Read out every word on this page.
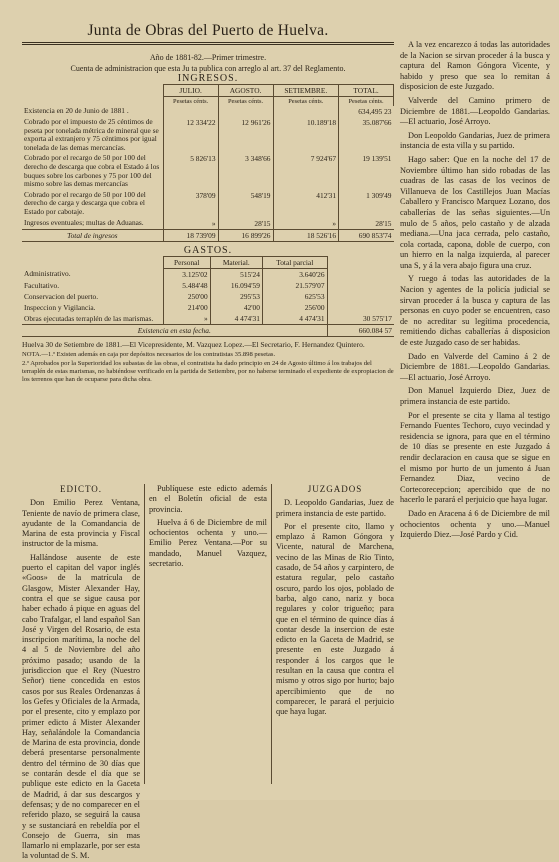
Junta de Obras del Puerto de Huelva.
Año de 1881-82.—Primer trimestre.
Cuenta de administracion que esta Ju ta publica con arreglo al art. 37 del Reglamento.
INGRESOS.
	JULIO.	AGOSTO.	SETIEMBRE.	TOTAL.
	Pesetas cénts.	Pesetas cénts.	Pesetas cénts.	Pesetas cénts.
Existencia en 20 de Junio de 1881 .				634,495 23
Cobrado por el impuesto de 25 céntimos de peseta por tonelada métrica de mineral que se exporta al extranjero y 75 céntimos por igual tonelada de las demas mercancías.	12 334'22	12 961'26	10.189'18	35.087'66
Cobrado por el recargo de 50 por 100 del derecho de descarga que cobra el Estado á los buques sobre los carbones y 75 por 100 del mismo sobre las demas mercancías	5 826'13	3 348'66	7 924'67	19 139'51
Cobrado por el recargo de 50 por 100 del derecho de carga y descarga que cobra el Estado por cabotaje.	378'09	548'19	412'31	1 309'49
Ingresos eventuales; multas de Aduanas.	»	28'15	»	28'15
Total de ingresos	18 739'09	16 899'26	18 526'16	690 853'74
GASTOS.
	Personal	Material.	Total parcial	
Administrativo.	3.125'02	515'24	3.640'26	
Facultativo.	5.484'48	16.094'59	21.579'07	
Conservacion del puerto.	250'00	295'53	625'53	
Inspeccion y Vigilancia.	214'00	42'00	256'00	
Obras ejecutadas terraplén de las marismas.	»	4 474'31	4 474'31	30 575'17
Existencia en esta fecha.				660.084 57
Huelva 30 de Setiembre de 1881.—El Vicepresidente, M. Vazquez Lopez.—El Secretario, F. Hernandez Quintero.
NOTA.—1.º Existen además en caja por depósitos necesarios de los contratistas 35.898 pesetas.
2.º Aprobados por la Superioridad los subastas de las obras, el contratista ha dado principio en 24 de Agosto último á los trabajos del terraplén de estas marismas, no habiéndose verificado en la partida de Setiembre, por no haberse terminado el expediente de expropiacion de los terrenos que han de ocuparse para dicha obra.
EDICTO.

Don Emilio Perez Ventana, Teniente de navío de primera clase, ayudante de la Comandancia de Marina de esta provincia y Fiscal instructor de la misma.

Hallándose ausente de este puerto el capitan del vapor inglés «Goos» de la matrícula de Glasgow, Mister Alexander Hay, contra el que se sigue causa por haber echado á pique en aguas del cabo Trafalgar, el land español San José y Virgen del Rosario, de esta inscripcion marítima, la noche del 4 al 5 de Noviembre del año próximo pasado; usando de la jurisdiccion que el Rey (Nuestro Señor) tiene concedida en estos casos por sus Reales Ordenanzas á los Gefes y Oficiales de la Armada, por el presente, cito y emplazo por primer edicto á Mister Alexander Hay, señalándole la Comandancia de Marina de esta provincia, donde deberá presentarse personalmente dentro del término de 30 días que se contarán desde el día que se publique este edicto en la Gaceta de Madrid, á dar sus descargos y defensas; y de no comparecer en el referido plazo, se seguirá la causa y se sustanciará en rebeldía por el Consejo de Guerra, sin mas llamarlo ni emplazarle, por ser esta la voluntad de S. M.

Publíquese este edicto además en el Boletín oficial de esta provincia.

Huelva á 6 de Diciembre de mil ochocientos ochenta y uno.—Emilio Perez Ventana.—Por su mandado, Manuel Vazquez, secretario.

JUZGADOS

D. Leopoldo Gandarias, Juez de primera instancia de este partido.

Por el presente cito, llamo y emplazo á Ramon Góngora y Vicente, natural de Marchena, vecino de las Minas de Rio Tinto, casado, de 54 años y carpintero, de estatura regular, pelo castaño oscuro, pardo los ojos, poblado de barba, algo cano, nariz y boca regulares y color trigueño; para que en el término de quince días á contar desde la insercion de este edicto en la Gaceta de Madrid, se presente en este Juzgado á responder á los cargos que le resultan en la causa que contra el mismo y otros sigo por hurto; bajo apercibimiento que de no comparecer, le parará el perjuicio que haya lugar.

A la vez encarezco á todas las autoridades de la Nacion se sirvan proceder á la busca y captura del Ramon Góngora Vicente, y habido y preso que sea lo remitan á disposicion de este Juzgado.

Valverde del Camino primero de Diciembre de 1881.—Leopoldo Gandarias.—El actuario, José Arroyo.

Don Leopoldo Gandarias, Juez de primera instancia de esta villa y su partido.

Hago saber: Que en la noche del 17 de Noviembre último han sido robadas de las cuadras de las casas de los vecinos de Villanueva de los Castillejos Juan Macías Caballero y Francisco Marquez Lozano, dos caballerías de las señas siguientes.—Un mulo de 5 años, pelo castaño y de alzada mediana.—Una jaca cerrada, pelo castaño, cola cortada, capona, doble de cuerpo, con un hierro en la nalga izquierda, al parecer una S, y á la vera abajo figura una cruz.

Y ruego á todas las autoridades de la Nacion y agentes de la policía judicial se sirvan proceder á la busca y captura de las personas en cuyo poder se encuentren, caso de no acreditar su legítima procedencia, remitiendo dichas caballerías á disposicion de este Juzgado caso de ser habidas.

Dado en Valverde del Camino á 2 de Diciembre de 1881.—Leopoldo Gandarias.—El actuario, José Arroyo.

Don Manuel Izquierdo Diez, Juez de primera instancia de este partido.

Por el presente se cita y llama al testigo Fernando Fuentes Techoro, cuyo vecindad y residencia se ignora, para que en el término de 10 días se presente en este Juzgado á rendir declaracion en causa que se sigue en el mismo por hurto de un jumento á Juan Fernandez Diaz, vecino de Cortecorecepcion; apercibido que de no hacerlo le parará el perjuicio que haya lugar.

Dado en Aracena á 6 de Diciembre de mil ochocientos ochenta y uno.—Manuel Izquierdo Diez.—José Pardo y Cid.
